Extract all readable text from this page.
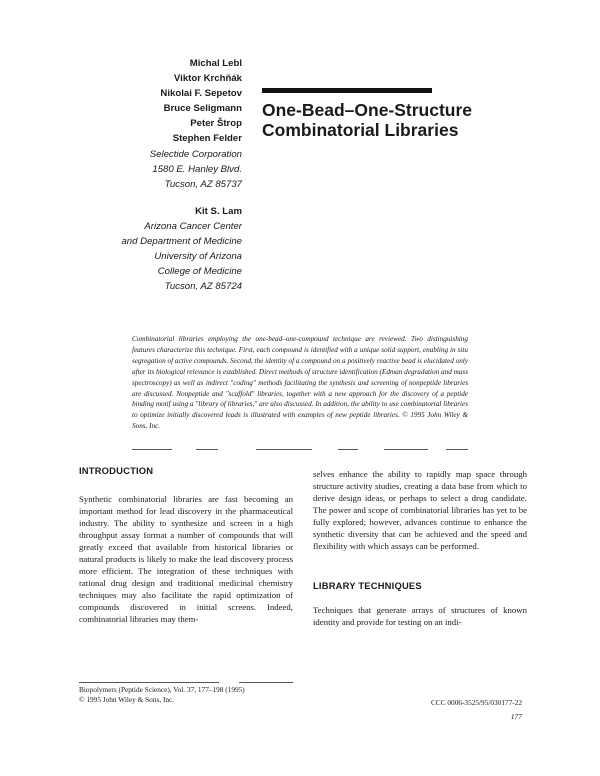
Michal Lebl
Viktor Krchňák
Nikolai F. Sepetov
Bruce Seligmann
Peter Štrop
Stephen Felder
Selectide Corporation
1580 E. Hanley Blvd.
Tucson, AZ 85737
Kit S. Lam
Arizona Cancer Center
and Department of Medicine
University of Arizona
College of Medicine
Tucson, AZ 85724
One-Bead–One-Structure
Combinatorial Libraries
Combinatorial libraries employing the one-bead–one-compound technique are reviewed. Two distinguishing features characterize this technique. First, each compound is identified with a unique solid support, enabling in situ segregation of active compounds. Second, the identity of a compound on a positively reactive bead is elucidated only after its biological relevance is established. Direct methods of structure identification (Edman degradation and mass spectroscopy) as well as indirect "coding" methods facilitating the synthesis and screening of nonpeptide libraries are discussed. Nonpeptide and "scaffold" libraries, together with a new approach for the discovery of a peptide binding motif using a "library of libraries," are also discussed. In addition, the ability to use combinatorial libraries to optimize initially discovered leads is illustrated with examples of new peptide libraries. © 1995 John Wiley & Sons, Inc.
INTRODUCTION

Synthetic combinatorial libraries are fast becoming an important method for lead discovery in the pharmaceutical industry. The ability to synthesize and screen in a high throughput assay format a number of compounds that will greatly exceed that available from historical libraries or natural products is likely to make the lead discovery process more efficient. The integration of these techniques with rational drug design and traditional medicinal chemistry techniques may also facilitate the rapid optimization of compounds discovered in initial screens. Indeed, combinatorial libraries may them-

selves enhance the ability to rapidly map space through structure activity studies, creating a data base from which to derive design ideas, or perhaps to select a drug candidate. The power and scope of combinatorial libraries has yet to be fully explored; however, advances continue to enhance the synthetic diversity that can be achieved and the speed and flexibility with which assays can be performed.

LIBRARY TECHNIQUES

Techniques that generate arrays of structures of known identity and provide for testing on an indi-

Biopolymers (Peptide Science), Vol. 37, 177–198 (1995)
© 1995 John Wiley & Sons, Inc.	CCC 0006-3525/95/030177-22
177
